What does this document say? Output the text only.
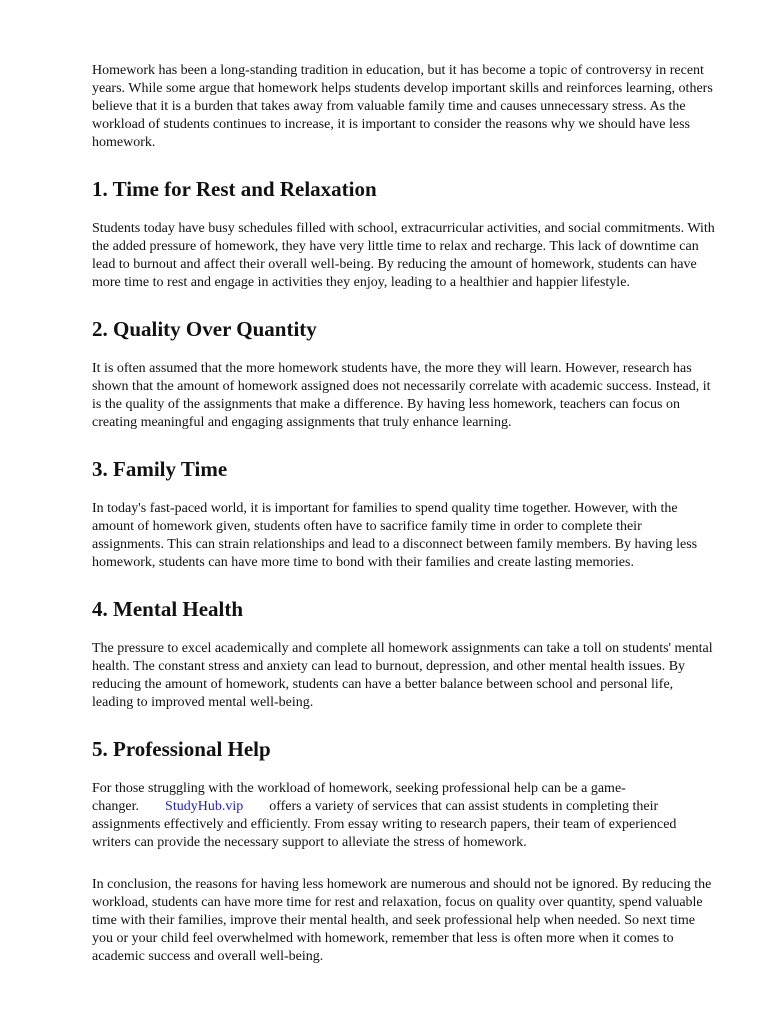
Homework has been a long-standing tradition in education, but it has become a topic of controversy in recent years. While some argue that homework helps students develop important skills and reinforces learning, others believe that it is a burden that takes away from valuable family time and causes unnecessary stress. As the workload of students continues to increase, it is important to consider the reasons why we should have less homework.

1. Time for Rest and Relaxation

Students today have busy schedules filled with school, extracurricular activities, and social commitments. With the added pressure of homework, they have very little time to relax and recharge. This lack of downtime can lead to burnout and affect their overall well-being. By reducing the amount of homework, students can have more time to rest and engage in activities they enjoy, leading to a healthier and happier lifestyle.

2. Quality Over Quantity

It is often assumed that the more homework students have, the more they will learn. However, research has shown that the amount of homework assigned does not necessarily correlate with academic success. Instead, it is the quality of the assignments that make a difference. By having less homework, teachers can focus on creating meaningful and engaging assignments that truly enhance learning.

3. Family Time

In today's fast-paced world, it is important for families to spend quality time together. However, with the amount of homework given, students often have to sacrifice family time in order to complete their assignments. This can strain relationships and lead to a disconnect between family members. By having less homework, students can have more time to bond with their families and create lasting memories.

4. Mental Health

The pressure to excel academically and complete all homework assignments can take a toll on students' mental health. The constant stress and anxiety can lead to burnout, depression, and other mental health issues. By reducing the amount of homework, students can have a better balance between school and personal life, leading to improved mental well-being.

5. Professional Help

For those struggling with the workload of homework, seeking professional help can be a game-changer. StudyHub.vip offers a variety of services that can assist students in completing their assignments effectively and efficiently. From essay writing to research papers, their team of experienced writers can provide the necessary support to alleviate the stress of homework.

In conclusion, the reasons for having less homework are numerous and should not be ignored. By reducing the workload, students can have more time for rest and relaxation, focus on quality over quantity, spend valuable time with their families, improve their mental health, and seek professional help when needed. So next time you or your child feel overwhelmed with homework, remember that less is often more when it comes to academic success and overall well-being.
